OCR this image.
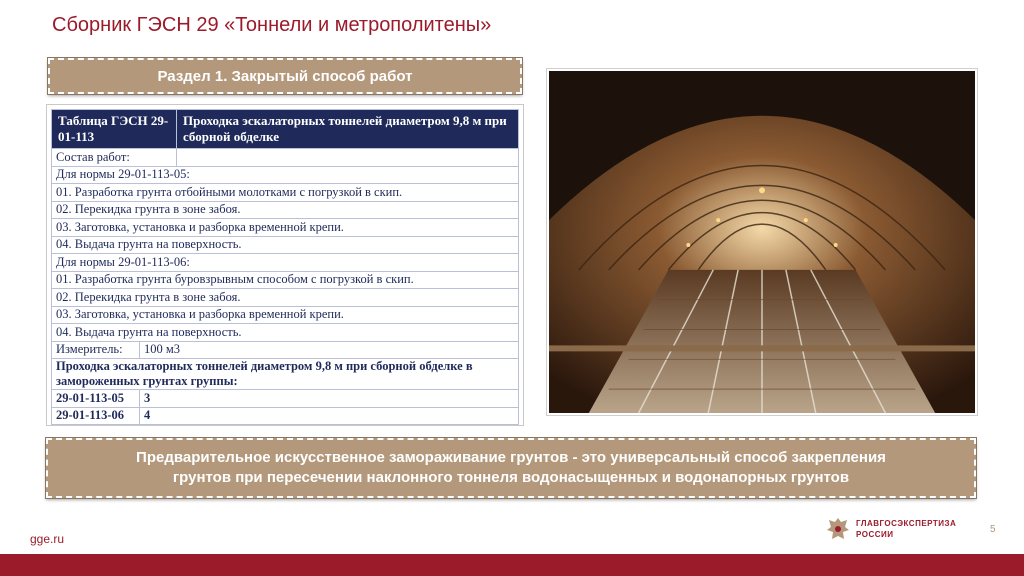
Сборник ГЭСН 29 «Тоннели и метрополитены»
Раздел 1. Закрытый способ работ
Таблица ГЭСН 29-01-113		Проходка эскалаторных тоннелей диаметром 9,8 м при сборной обделке
Состав работ:		
Для нормы 29-01-113-05:		
01. Разработка грунта отбойными молотками с погрузкой в скип.		
02. Перекидка грунта в зоне забоя.		
03. Заготовка, установка и разборка временной крепи.		
04. Выдача грунта на поверхность.		
Для нормы 29-01-113-06:		
01. Разработка грунта буровзрывным способом с погрузкой в скип.		
02. Перекидка грунта в зоне забоя.		
03. Заготовка, установка и разборка временной крепи.		
04. Выдача грунта на поверхность.		
Измеритель:	100 м3	
Проходка эскалаторных тоннелей диаметром 9,8 м при сборной обделке в замороженных грунтах группы:		
29-01-113-05	3	
29-01-113-06	4	
Предварительное искусственное замораживание грунтов - это универсальный способ закрепления
грунтов при пересечении наклонного тоннеля водонасыщенных и водонапорных грунтов
gge.ru
ГЛАВГОСЭКСПЕРТИЗА
РОССИИ	5
